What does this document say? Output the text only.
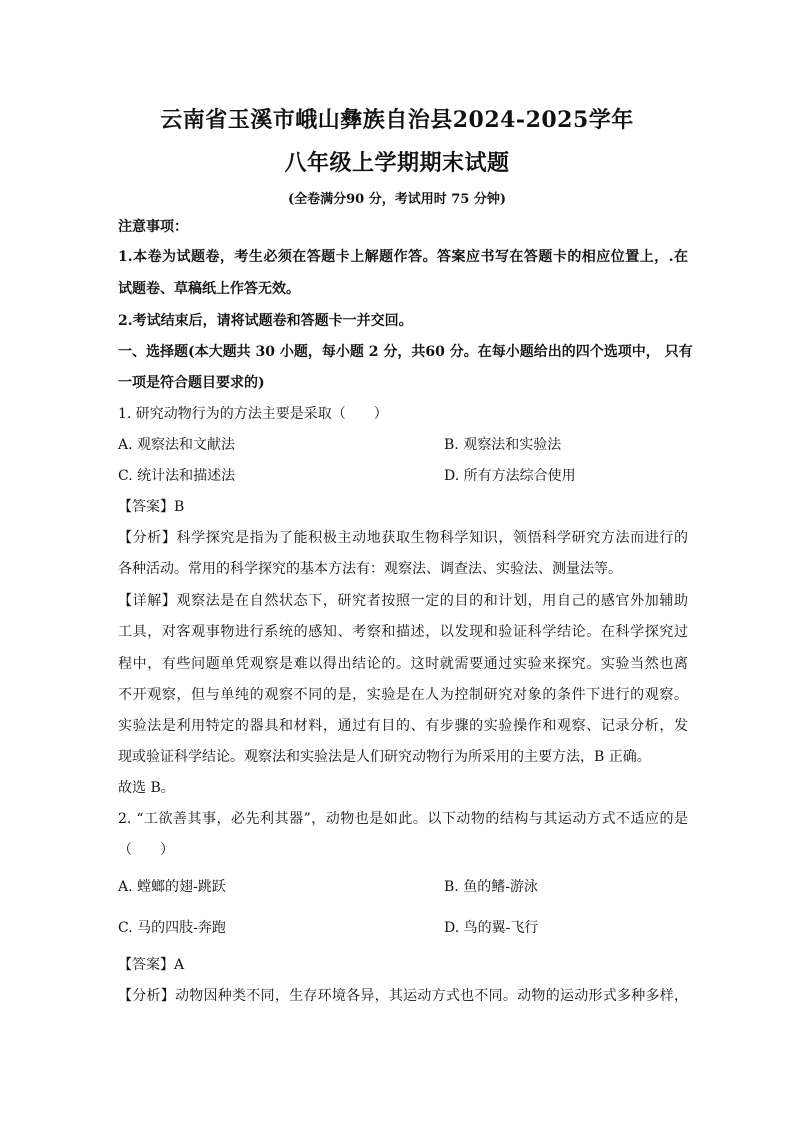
云南省玉溪市峨山彝族自治县2024-2025学年
八年级上学期期末试题
(全卷满分90 分，考试用时 75 分钟)
注意事项：
1.本卷为试题卷，考生必须在答题卡上解题作答。答案应书写在答题卡的相应位置上，.在
试题卷、草稿纸上作答无效。
2.考试结束后，请将试题卷和答题卡一并交回。
一、选择题(本大题共 30 小题，每小题 2 分，共60 分。在每小题给出的四个选项中， 只有
一项是符合题目要求的)
1. 研究动物行为的方法主要是采取（　　）
A. 观察法和文献法	B. 观察法和实验法
C. 统计法和描述法	D. 所有方法综合使用
【答案】B
【分析】科学探究是指为了能积极主动地获取生物科学知识，领悟科学研究方法而进行的
各种活动。常用的科学探究的基本方法有：观察法、调查法、实验法、测量法等。
【详解】观察法是在自然状态下，研究者按照一定的目的和计划，用自己的感官外加辅助
工具，对客观事物进行系统的感知、考察和描述，以发现和验证科学结论。在科学探究过
程中，有些问题单凭观察是难以得出结论的。这时就需要通过实验来探究。实验当然也离
不开观察，但与单纯的观察不同的是，实验是在人为控制研究对象的条件下进行的观察。
实验法是利用特定的器具和材料，通过有目的、有步骤的实验操作和观察、记录分析，发
现或验证科学结论。观察法和实验法是人们研究动物行为所采用的主要方法，B 正确。
故选 B。
2. “工欲善其事，必先利其器”，动物也是如此。以下动物的结构与其运动方式不适应的是
（　　）
A. 螳螂的翅-跳跃	B. 鱼的鳍-游泳
C. 马的四肢-奔跑	D. 鸟的翼-飞行
【答案】A
【分析】动物因种类不同，生存环境各异，其运动方式也不同。动物的运动形式多种多样，
